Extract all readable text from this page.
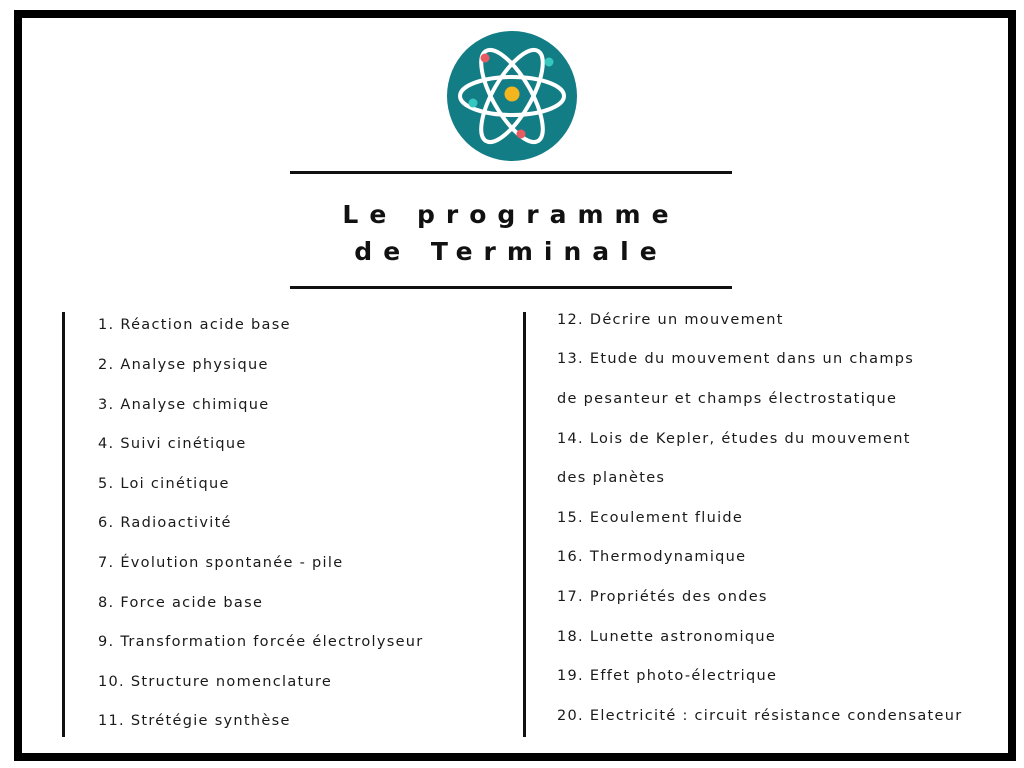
Le programme
de Terminale
1. Réaction acide base
2. Analyse physique
3. Analyse chimique
4. Suivi cinétique
5. Loi cinétique
6. Radioactivité
7. Évolution spontanée - pile
8. Force acide base
9. Transformation forcée électrolyseur
10. Structure nomenclature
11. Strétégie synthèse
12. Décrire un mouvement
13. Etude du mouvement dans un champs
de pesanteur et champs électrostatique
14. Lois de Kepler, études du mouvement
des planètes
15. Ecoulement fluide
16. Thermodynamique
17. Propriétés des ondes
18. Lunette astronomique
19. Effet photo-électrique
20. Electricité : circuit résistance condensateur
